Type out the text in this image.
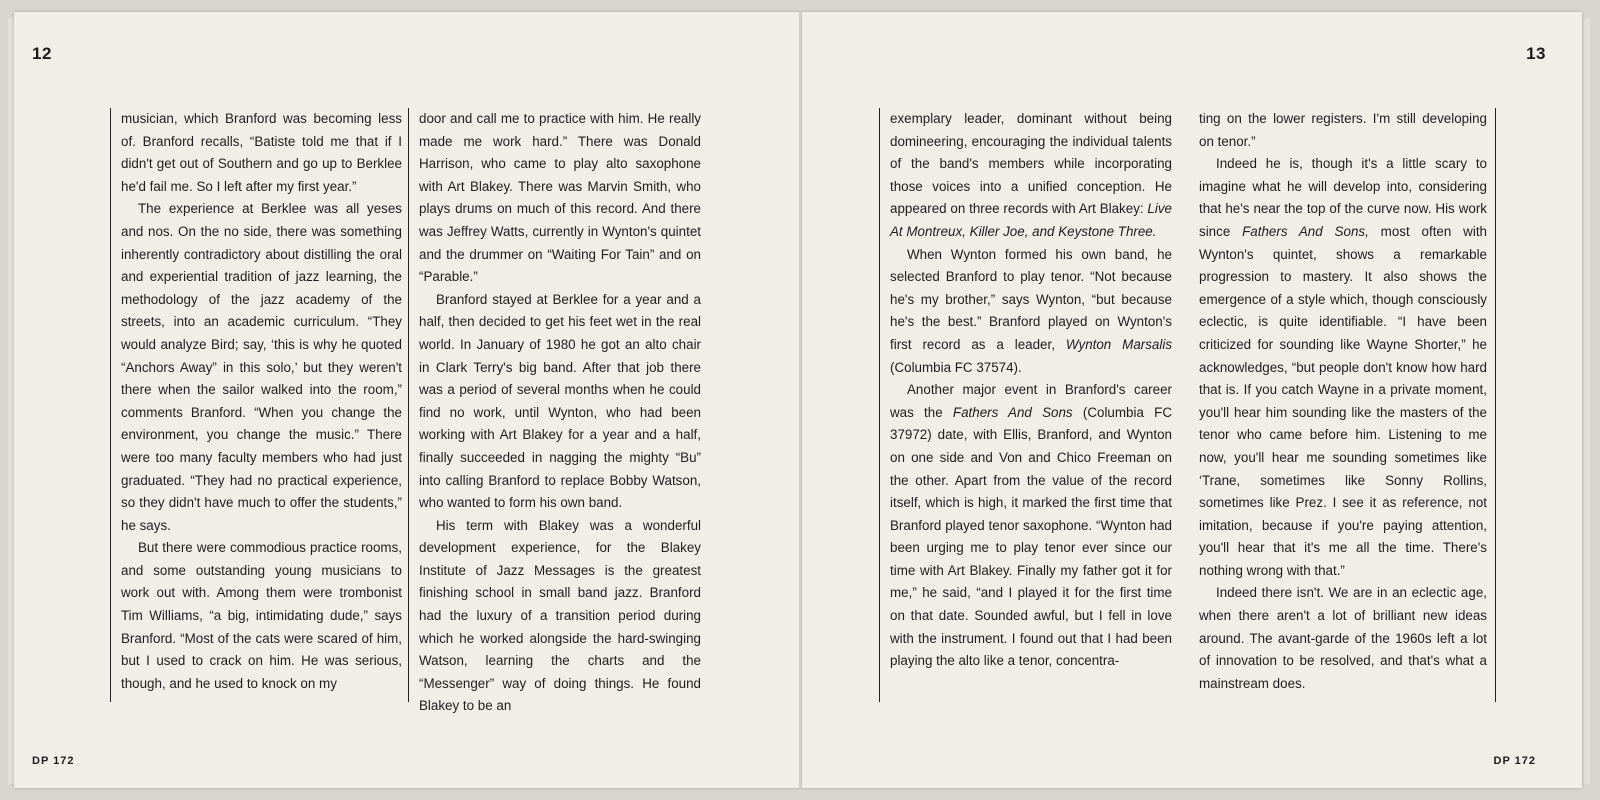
12

musician, which Branford was becoming less of. Branford recalls, “Batiste told me that if I didn't get out of Southern and go up to Berklee he'd fail me. So I left after my first year.”

The experience at Berklee was all yeses and nos. On the no side, there was something inherently contradictory about distilling the oral and experiential tradition of jazz learning, the methodology of the jazz academy of the streets, into an academic curriculum. “They would analyze Bird; say, ‘this is why he quoted “Anchors Away” in this solo,’ but they weren't there when the sailor walked into the room,” comments Branford. “When you change the environment, you change the music.” There were too many faculty members who had just graduated. “They had no practical experience, so they didn't have much to offer the students,” he says.

But there were commodious practice rooms, and some outstanding young musicians to work out with. Among them were trombonist Tim Williams, “a big, intimidating dude,” says Branford. “Most of the cats were scared of him, but I used to crack on him. He was serious, though, and he used to knock on my

door and call me to practice with him. He really made me work hard.” There was Donald Harrison, who came to play alto saxophone with Art Blakey. There was Marvin Smith, who plays drums on much of this record. And there was Jeffrey Watts, currently in Wynton's quintet and the drummer on “Waiting For Tain” and on “Parable.”

Branford stayed at Berklee for a year and a half, then decided to get his feet wet in the real world. In January of 1980 he got an alto chair in Clark Terry's big band. After that job there was a period of several months when he could find no work, until Wynton, who had been working with Art Blakey for a year and a half, finally succeeded in nagging the mighty “Bu” into calling Branford to replace Bobby Watson, who wanted to form his own band.

His term with Blakey was a wonderful development experience, for the Blakey Institute of Jazz Messages is the greatest finishing school in small band jazz. Branford had the luxury of a transition period during which he worked alongside the hard-swinging Watson, learning the charts and the “Messenger” way of doing things. He found Blakey to be an

DP 172
13

exemplary leader, dominant without being domineering, encouraging the individual talents of the band's members while incorporating those voices into a unified conception. He appeared on three records with Art Blakey: Live At Montreux, Killer Joe, and Keystone Three.

When Wynton formed his own band, he selected Branford to play tenor. “Not because he's my brother,” says Wynton, “but because he's the best.” Branford played on Wynton's first record as a leader, Wynton Marsalis (Columbia FC 37574).

Another major event in Branford's career was the Fathers And Sons (Columbia FC 37972) date, with Ellis, Branford, and Wynton on one side and Von and Chico Freeman on the other. Apart from the value of the record itself, which is high, it marked the first time that Branford played tenor saxophone. “Wynton had been urging me to play tenor ever since our time with Art Blakey. Finally my father got it for me,” he said, “and I played it for the first time on that date. Sounded awful, but I fell in love with the instrument. I found out that I had been playing the alto like a tenor, concentra-

ting on the lower registers. I'm still developing on tenor.”

Indeed he is, though it's a little scary to imagine what he will develop into, considering that he's near the top of the curve now. His work since Fathers And Sons, most often with Wynton's quintet, shows a remarkable progression to mastery. It also shows the emergence of a style which, though consciously eclectic, is quite identifiable. “I have been criticized for sounding like Wayne Shorter,” he acknowledges, “but people don't know how hard that is. If you catch Wayne in a private moment, you'll hear him sounding like the masters of the tenor who came before him. Listening to me now, you'll hear me sounding sometimes like ‘Trane, sometimes like Sonny Rollins, sometimes like Prez. I see it as reference, not imitation, because if you're paying attention, you'll hear that it's me all the time. There's nothing wrong with that.”

Indeed there isn't. We are in an eclectic age, when there aren't a lot of brilliant new ideas around. The avant-garde of the 1960s left a lot of innovation to be resolved, and that's what a mainstream does.

DP 172
